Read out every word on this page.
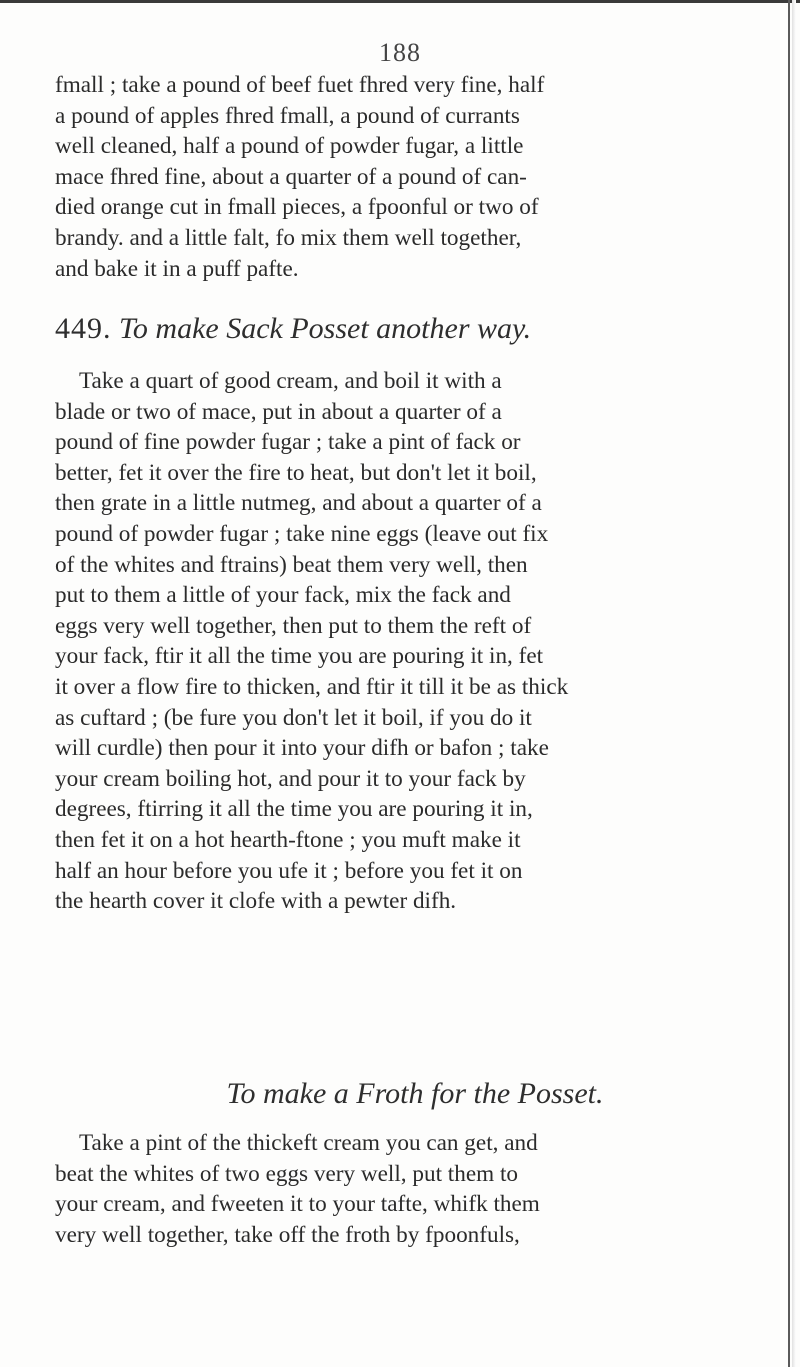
188
fmall ; take a pound of beef fuet fhred very fine, half
a pound of apples fhred fmall, a pound of currants
well cleaned, half a pound of powder fugar, a little
mace fhred fine, about a quarter of a pound of can-
died orange cut in fmall pieces, a fpoonful or two of
brandy. and a little falt, fo mix them well together,
and bake it in a puff pafte.
449. To make Sack Posset another way.
Take a quart of good cream, and boil it with a
blade or two of mace, put in about a quarter of a
pound of fine powder fugar ; take a pint of fack or
better, fet it over the fire to heat, but don't let it boil,
then grate in a little nutmeg, and about a quarter of a
pound of powder fugar ; take nine eggs (leave out fix
of the whites and ftrains) beat them very well, then
put to them a little of your fack, mix the fack and
eggs very well together, then put to them the reft of
your fack, ftir it all the time you are pouring it in, fet
it over a flow fire to thicken, and ftir it till it be as thick
as cuftard ; (be fure you don't let it boil, if you do it
will curdle) then pour it into your difh or bafon ; take
your cream boiling hot, and pour it to your fack by
degrees, ftirring it all the time you are pouring it in,
then fet it on a hot hearth-ftone ; you muft make it
half an hour before you ufe it ; before you fet it on
the hearth cover it clofe with a pewter difh.
To make a Froth for the Posset.
Take a pint of the thickeft cream you can get, and
beat the whites of two eggs very well, put them to
your cream, and fweeten it to your tafte, whifk them
very well together, take off the froth by fpoonfuls,
